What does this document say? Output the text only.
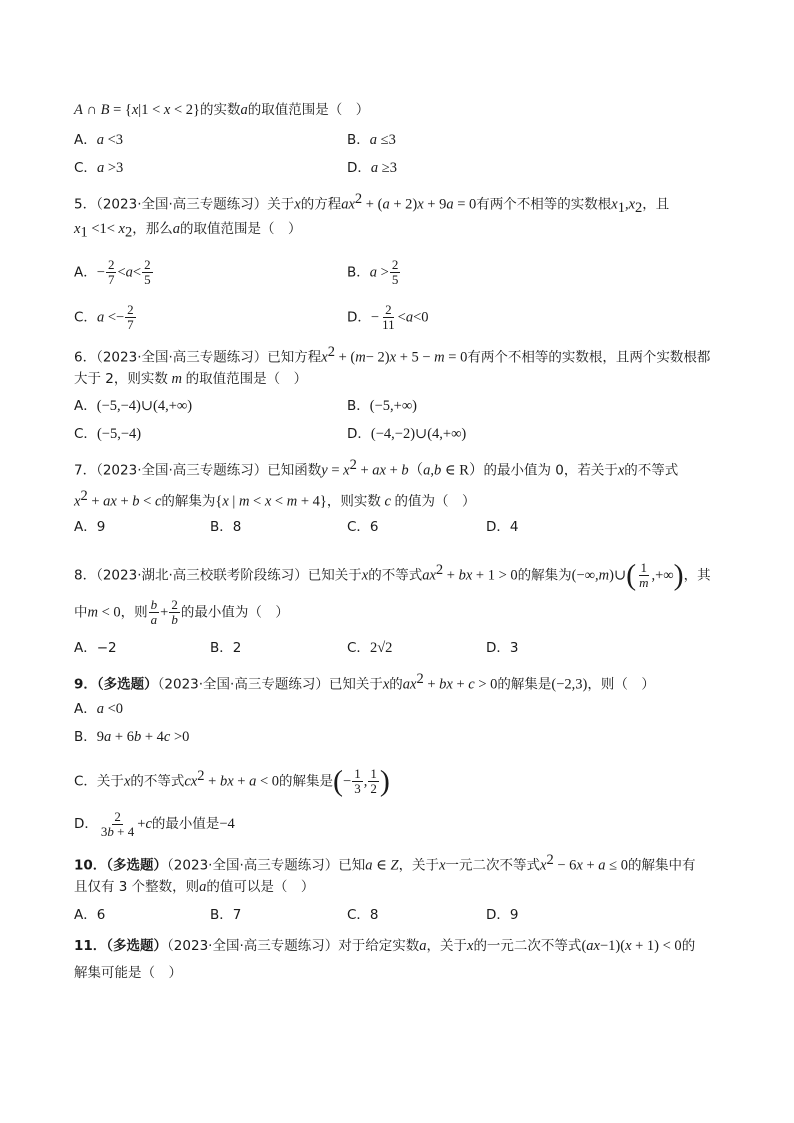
A ∩ B = {x|1 < x < 2}的实数a的取值范围是（　）
A．a <3	B．a ≤3
C．a >3	D．a ≥3
5．（2023·全国·高三专题练习）关于x的方程$ax^2 + (a + 2)x + 9a = 0$有两个不相等的实数根$x_1,x_2$，且
$x_1 <1< x_2$，那么a的取值范围是（　）
A．− $\frac{2}{7} <a< \frac{2}{5}$	B．$a > \frac{2}{5}$
C．$a <- \frac{2}{7}$	D．− $\frac{2}{11} <a<0$
6．（2023·全国·高三专题练习）已知方程$x^2 + (m- 2)x + 5 - m = 0$有两个不相等的实数根，且两个实数根都
大于 2，则实数 m 的取值范围是（　）
A．(−5,−4)∪(4,+∞)	B．(−5,+∞)
C．(−5,−4)	D．(−4,−2)∪(4,+∞)
7．（2023·全国·高三专题练习）已知函数$y = x^2$ + ax + b（a,b ∈ R）的最小值为 0，若关于x的不等式
$x^2$ + ax + b < c的解集为{x | m < x < m + 4}，则实数 c 的值为（　）
A．9	B．8	C．6	D．4
8．（2023·湖北·高三校联考阶段练习）已知关于x的不等式$ax^2$ + bx + 1 > 0的解集为(−∞,m)∪( $\frac{1}{m}$ ,+∞)，其
中m < 0，则 $\frac{b}{a} + \frac{2}{b}$ 的最小值为（　）
A．−2	B．2	C．2√2	D．3
9．（多选题）（2023·全国·高三专题练习）已知关于x的$ax^2$ + bx + c > 0的解集是(−2,3)，则（　）
A．a <0
B．9a + 6b + 4c >0
C．关于x的不等式$cx^2$ + bx + a < 0的解集是(− $\frac{1}{3}$ , $\frac{1}{2}$ )
D． $\frac{2}{3b + 4} +c$的最小值是−4
10．（多选题）（2023·全国·高三专题练习）已知a ∈ Z，关于x一元二次不等式$x^2 - 6x + a \le 0$的解集中有
且仅有 3 个整数，则a的值可以是（　）
A．6	B．7	C．8	D．9
11．（多选题）（2023·全国·高三专题练习）对于给定实数a，关于x的一元二次不等式(ax−1)(x + 1) < 0的
解集可能是（　）
